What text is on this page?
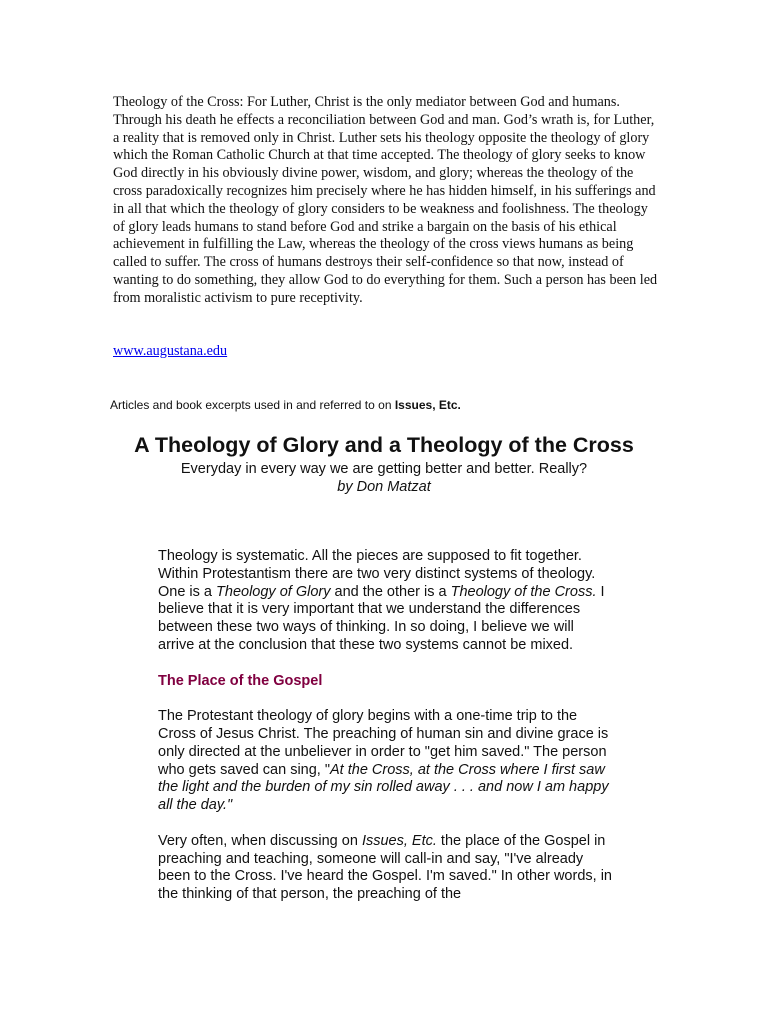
Theology of the Cross: For Luther, Christ is the only mediator between God and humans. Through his death he effects a reconciliation between God and man. God’s wrath is, for Luther, a reality that is removed only in Christ. Luther sets his theology opposite the theology of glory which the Roman Catholic Church at that time accepted. The theology of glory seeks to know God directly in his obviously divine power, wisdom, and glory; whereas the theology of the cross paradoxically recognizes him precisely where he has hidden himself, in his sufferings and in all that which the theology of glory considers to be weakness and foolishness. The theology of glory leads humans to stand before God and strike a bargain on the basis of his ethical achievement in fulfilling the Law, whereas the theology of the cross views humans as being called to suffer. The cross of humans destroys their self-confidence so that now, instead of wanting to do something, they allow God to do everything for them. Such a person has been led from moralistic activism to pure receptivity.

www.augustana.edu
Articles and book excerpts used in and referred to on Issues, Etc.
A Theology of Glory and a Theology of the Cross

Everyday in every way we are getting better and better. Really?

by Don Matzat

Theology is systematic. All the pieces are supposed to fit together. Within Protestantism there are two very distinct systems of theology. One is a Theology of Glory and the other is a Theology of the Cross. I believe that it is very important that we understand the differences between these two ways of thinking. In so doing, I believe we will arrive at the conclusion that these two systems cannot be mixed.

The Place of the Gospel

The Protestant theology of glory begins with a one-time trip to the Cross of Jesus Christ. The preaching of human sin and divine grace is only directed at the unbeliever in order to "get him saved." The person who gets saved can sing, "At the Cross, at the Cross where I first saw the light and the burden of my sin rolled away . . . and now I am happy all the day."

Very often, when discussing on Issues, Etc. the place of the Gospel in preaching and teaching, someone will call-in and say, "I've already been to the Cross. I've heard the Gospel. I'm saved." In other words, in the thinking of that person, the preaching of the
